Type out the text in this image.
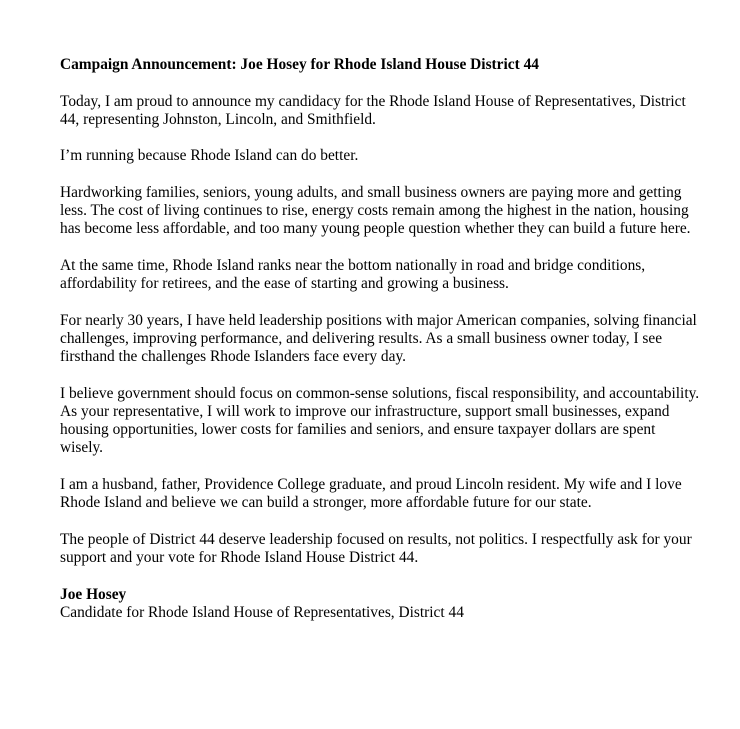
Campaign Announcement: Joe Hosey for Rhode Island House District 44

Today, I am proud to announce my candidacy for the Rhode Island House of Representatives, District 44, representing Johnston, Lincoln, and Smithfield.

I’m running because Rhode Island can do better.

Hardworking families, seniors, young adults, and small business owners are paying more and getting less. The cost of living continues to rise, energy costs remain among the highest in the nation, housing has become less affordable, and too many young people question whether they can build a future here.

At the same time, Rhode Island ranks near the bottom nationally in road and bridge conditions, affordability for retirees, and the ease of starting and growing a business.

For nearly 30 years, I have held leadership positions with major American companies, solving financial challenges, improving performance, and delivering results. As a small business owner today, I see firsthand the challenges Rhode Islanders face every day.

I believe government should focus on common-sense solutions, fiscal responsibility, and accountability. As your representative, I will work to improve our infrastructure, support small businesses, expand housing opportunities, lower costs for families and seniors, and ensure taxpayer dollars are spent wisely.

I am a husband, father, Providence College graduate, and proud Lincoln resident. My wife and I love Rhode Island and believe we can build a stronger, more affordable future for our state.

The people of District 44 deserve leadership focused on results, not politics. I respectfully ask for your support and your vote for Rhode Island House District 44.

Joe Hosey
Candidate for Rhode Island House of Representatives, District 44
